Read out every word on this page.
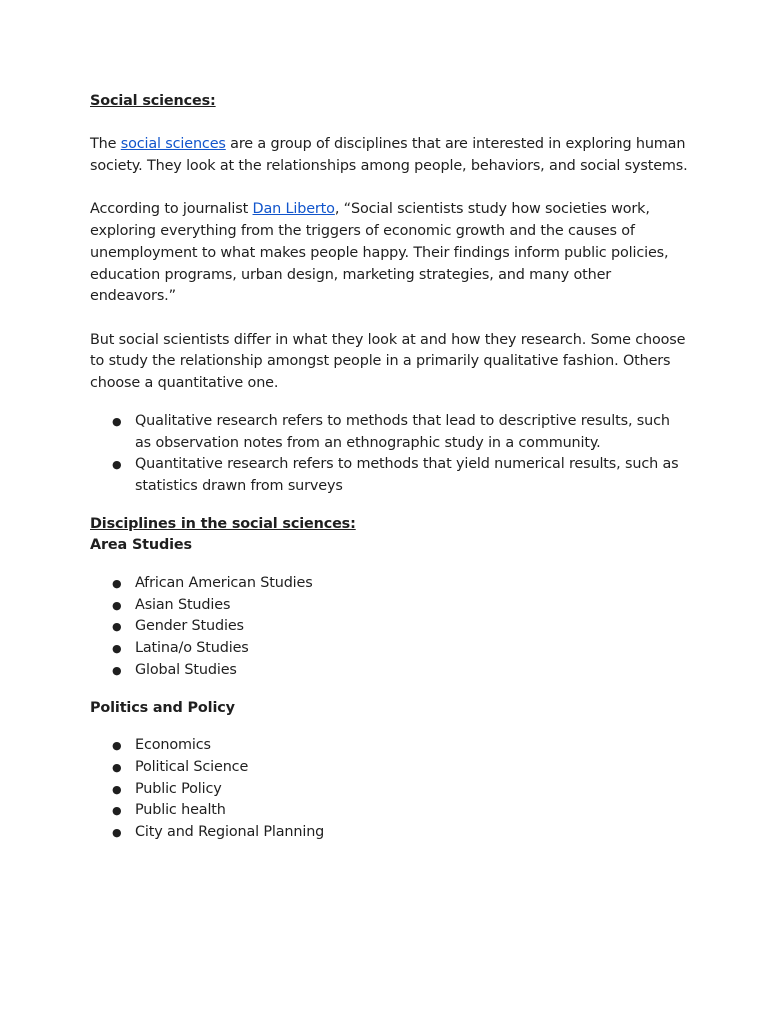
Social sciences:

The social sciences are a group of disciplines that are interested in exploring human society. They look at the relationships among people, behaviors, and social systems.

According to journalist Dan Liberto, “Social scientists study how societies work, exploring everything from the triggers of economic growth and the causes of unemployment to what makes people happy. Their findings inform public policies, education programs, urban design, marketing strategies, and many other endeavors.”

But social scientists differ in what they look at and how they research. Some choose to study the relationship amongst people in a primarily qualitative fashion. Others choose a quantitative one.

● Qualitative research refers to methods that lead to descriptive results, such as observation notes from an ethnographic study in a community.
● Quantitative research refers to methods that yield numerical results, such as statistics drawn from surveys

Disciplines in the social sciences:

Area Studies

● African American Studies
● Asian Studies
● Gender Studies
● Latina/o Studies
● Global Studies

Politics and Policy

● Economics
● Political Science
● Public Policy
● Public health
● City and Regional Planning
